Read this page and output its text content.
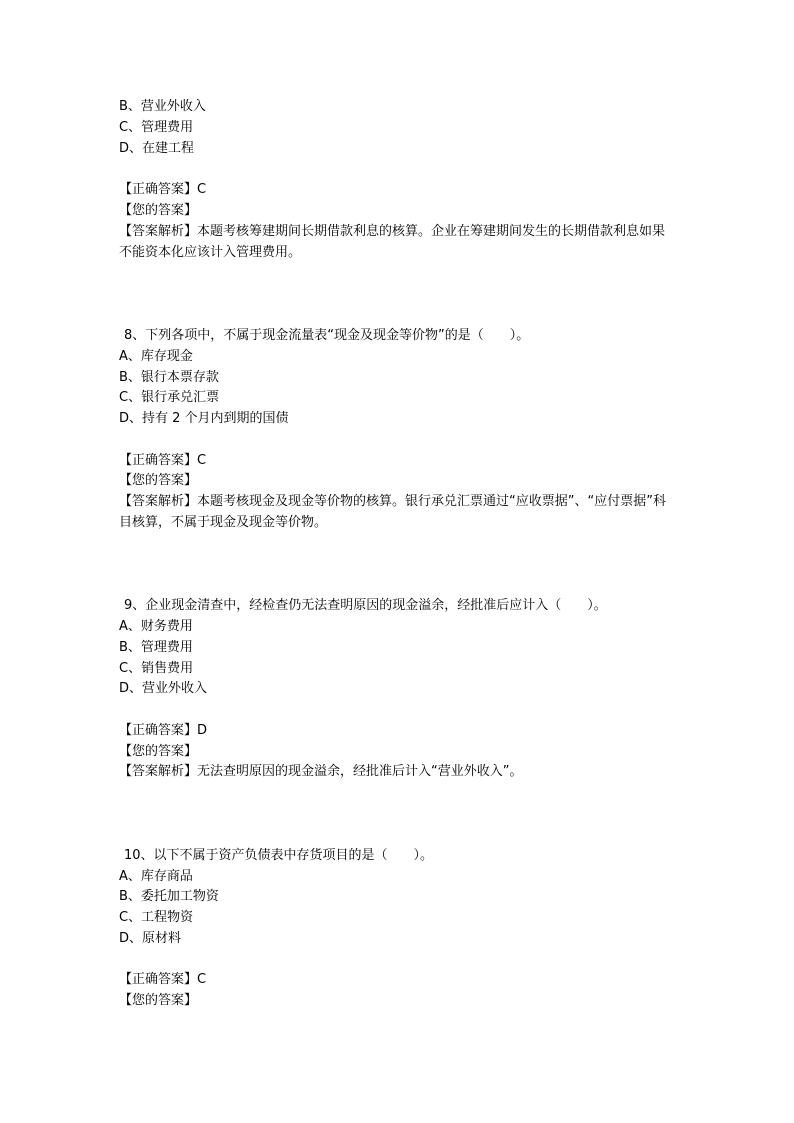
B、营业外收入
C、管理费用
D、在建工程
【正确答案】C
【您的答案】
【答案解析】本题考核筹建期间长期借款利息的核算。企业在筹建期间发生的长期借款利息如果不能资本化应该计入管理费用。
8、下列各项中，不属于现金流量表“现金及现金等价物”的是（　　）。
A、库存现金
B、银行本票存款
C、银行承兑汇票
D、持有 2 个月内到期的国债
【正确答案】C
【您的答案】
【答案解析】本题考核现金及现金等价物的核算。银行承兑汇票通过“应收票据”、“应付票据”科目核算，不属于现金及现金等价物。
9、企业现金清查中，经检查仍无法查明原因的现金溢余，经批准后应计入（　　）。
A、财务费用
B、管理费用
C、销售费用
D、营业外收入
【正确答案】D
【您的答案】
【答案解析】无法查明原因的现金溢余，经批准后计入“营业外收入”。
10、以下不属于资产负债表中存货项目的是（　　）。
A、库存商品
B、委托加工物资
C、工程物资
D、原材料
【正确答案】C
【您的答案】
